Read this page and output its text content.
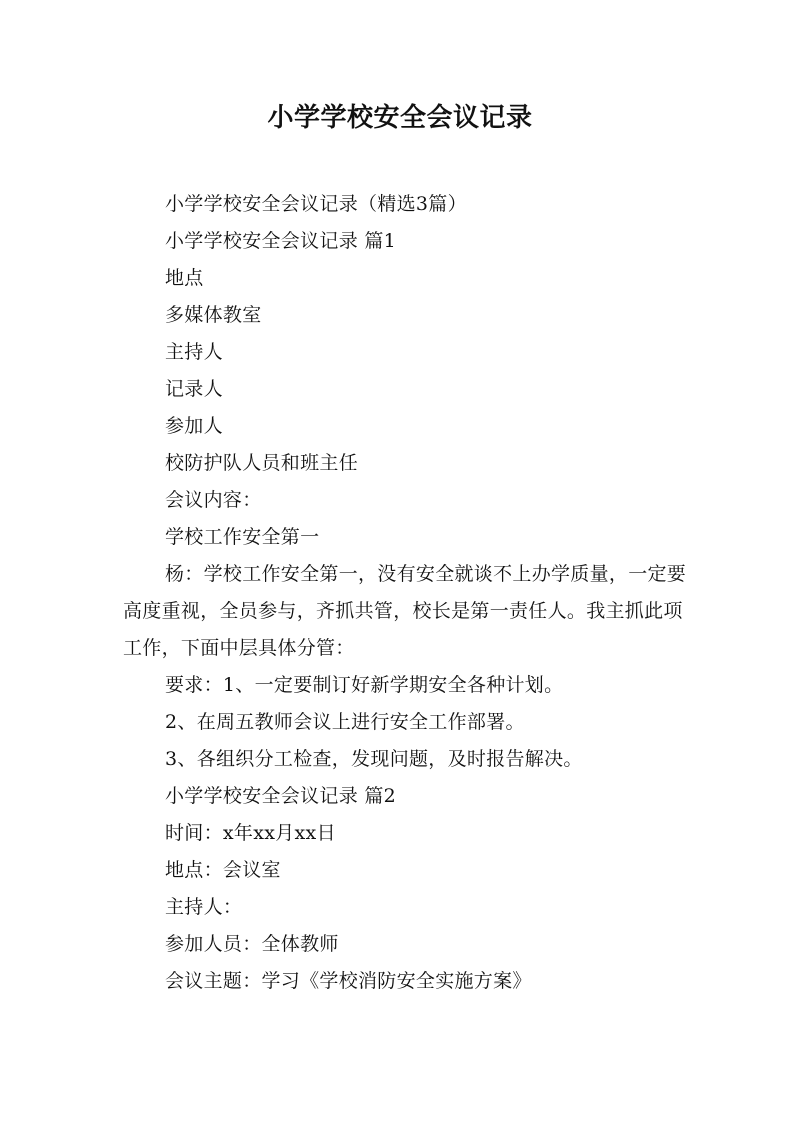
小学学校安全会议记录

小学学校安全会议记录（精选3篇）

小学学校安全会议记录 篇1

地点

多媒体教室

主持人

记录人

参加人

校防护队人员和班主任

会议内容：

学校工作安全第一

杨：学校工作安全第一，没有安全就谈不上办学质量，一定要高度重视，全员参与，齐抓共管，校长是第一责任人。我主抓此项工作，下面中层具体分管：

要求：1、一定要制订好新学期安全各种计划。

2、在周五教师会议上进行安全工作部署。

3、各组织分工检查，发现问题，及时报告解决。

小学学校安全会议记录 篇2

时间：x年xx月xx日

地点：会议室

主持人：

参加人员：全体教师

会议主题：学习《学校消防安全实施方案》
